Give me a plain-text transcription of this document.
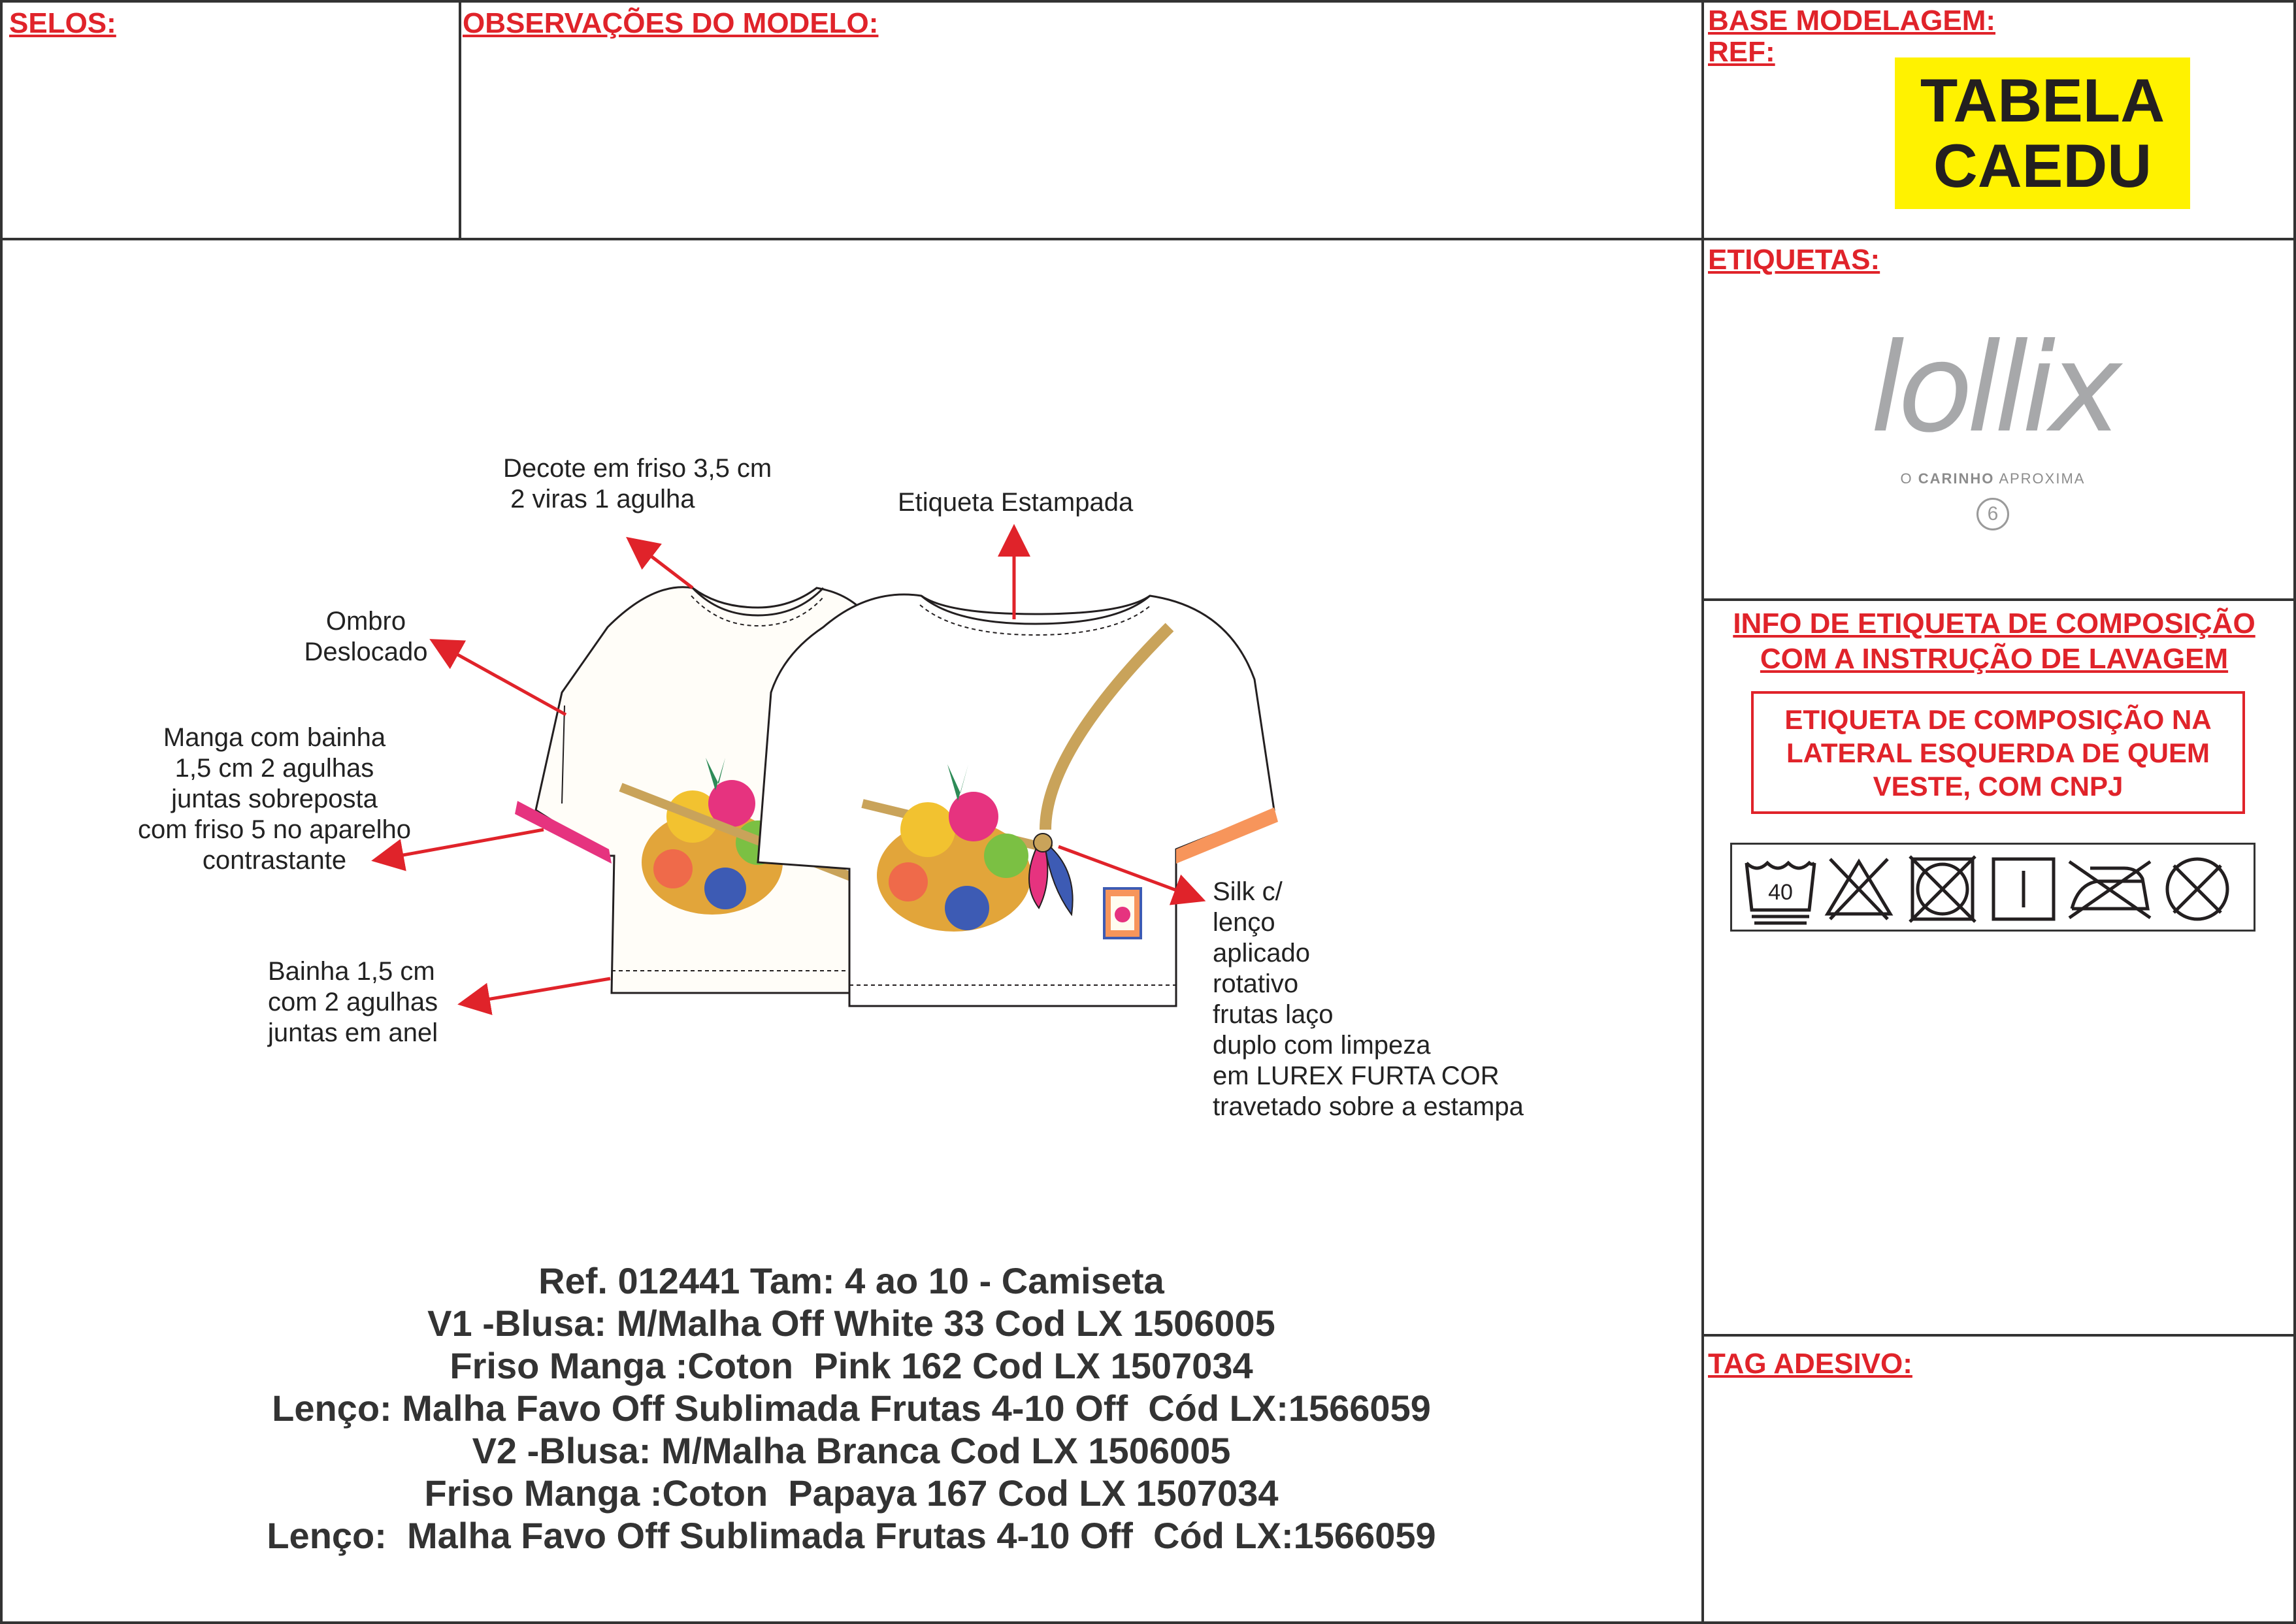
SELOS:	OBSERVAÇÕES DO MODELO:	BASE MODELAGEM:
REF:
ETIQUETAS:
TAG ADESIVO:
TABELA
CAEDU
lollix
O CARINHO APROXIMA
6
INFO DE ETIQUETA DE COMPOSIÇÃO
COM A INSTRUÇÃO DE LAVAGEM
ETIQUETA DE COMPOSIÇÃO NA
LATERAL ESQUERDA DE QUEM
VESTE, COM CNPJ
40
Decote em friso 3,5 cm
2 viras 1 agulha	Etiqueta Estampada
Ombro
Deslocado
Manga com bainha
1,5 cm 2 agulhas
juntas sobreposta
com friso 5 no aparelho
contrastante
Bainha 1,5 cm
com 2 agulhas
juntas em anel
Silk c/
lenço
aplicado
rotativo
frutas laço
duplo com limpeza
em LUREX FURTA COR
travetado sobre a estampa
Ref. 012441 Tam: 4 ao 10 - Camiseta
V1 -Blusa: M/Malha Off White 33 Cod LX 1506005
Friso Manga :Coton  Pink 162 Cod LX 1507034
Lenço: Malha Favo Off Sublimada Frutas 4-10 Off  Cód LX:1566059
V2 -Blusa: M/Malha Branca Cod LX 1506005
Friso Manga :Coton  Papaya 167 Cod LX 1507034
Lenço:  Malha Favo Off Sublimada Frutas 4-10 Off  Cód LX:1566059
